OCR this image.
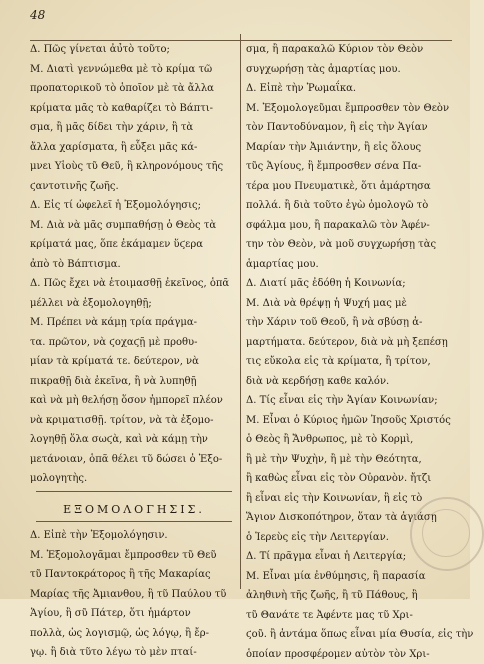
48
Δ. Πῶς γίνεται ἀυ̉τὸ τοῦτο;
Μ. Διατὶ γεννώμεθα μὲ τὸ κρίμα τῶ
προπατορικοῦ τὸ ὁποῖον μὲ τὰ ἄλλα
κρίματα μᾶς τὸ καθαρίζει τὸ Βάπτι-
σμα, ἢ μᾶς δίδει τὴν χάριν, ἢ τὰ
ἄλλα χαρίσματα, ἢ εὗξει μᾶς κά-
μνει Υἱοὺς τῦ Θεῦ, ἢ κληρονόμους τῆς
ϛαντοτινῆς ζωῆς.
Δ. Εἰς τί ὠφελεῖ ἡ Ἐξομολόγησις;
Μ. Διὰ νὰ μᾶς συμπαθήσῃ ὁ Θεὸς τὰ
κρίματά μας, ὅπε ἐκάμαμεν ὕϛερα
ἀπὸ τὸ Βάπτισμα.
Δ. Πῶς ἔχει νὰ ἑτοιμασθῇ ἐκεῖνος, ὁπᾶ
μέλλει νὰ ἐξομολογηθῇ;
Μ. Πρέπει νὰ κάμῃ τρία πράγμα-
τα. πρῶτον, νὰ ϛοχαϛῇ μὲ προθυ-
μίαν τὰ κρίματά τε. δεύτερον, νὰ
πικραθῇ διὰ ἐκεῖνα, ἢ νὰ λυπηθῇ
καὶ νὰ μὴ θελήσῃ ὅσον ἠμπορεῖ πλέον
νὰ κριματισθῇ. τρίτον, νὰ τὰ ἐξομο-
λογηθῇ ὅλα σωϛὰ, καὶ νὰ κάμῃ τὴν
μετάνοιαν, ὁπᾶ θέλει τῦ δώσει ὁ Ἐξο-
μολογητὴς.
ΕΞΟΜΟΛΟΓΗΣΙΣ.
Δ. Εἰπὲ τὴν Ἐξομολόγησιν.
Μ. Ἐξομολογᾶμαι ἔμπροσθεν τῦ Θεῦ
τῦ Παντοκράτορος ἢ τῆς Μακαρίας
Μαρίας τῆς Ἀμιανθου, ἢ τῦ Παύλου τῦ
Ἁγίου, ἢ σῦ Πάτερ, ὅτι ἡμάρτον
πολλὰ, ὡς λογισμῷ, ὡς λόγῳ, ἢ ἔρ-
γῳ. ἢ διὰ τῦτο λέγω τὸ μὲν πταί-
σμα, ἢ παρακαλῶ Κύριον τὸν Θεὸν
συγχωρήσῃ τὰς ἁμαρτίας μου.
Δ. Εἰπὲ τὴν Ῥωμαΐκα.
Μ. Ἐξομολογεῦμαι ἔμπροσθεν τὸν Θεὸν
τὸν Παντοδύναμον, ἢ εἰς τὴν Ἁγίαν
Μαρίαν τὴν Ἀμιάντην, ἢ εἰς ὅλους
τῦς Ἁγίους, ἢ ἔμπροσθεν σένα Πα-
τέρα μου Πνευματικὲ, ὅτι ἁμάρτησα
πολλά. ἢ διὰ τοῦτο ἐγὼ ὁμολογῶ τὸ
σφάλμα μου, ἢ παρακαλῶ τὸν Ἀφέν-
την τὸν Θεὸν, νὰ μοῦ συγχωρήσῃ τὰς
ἁμαρτίας μου.
Δ. Διατί μᾶς ἐδόθη ἡ Κοινωνία;
Μ. Διὰ νὰ θρέψῃ ἡ Ψυχή μας μὲ
τὴν Χάριν τοῦ Θεοῦ, ἢ νὰ σβύσῃ ἁ-
μαρτήματα. δεύτερον, διὰ νὰ μὴ ξεπέσῃ
τις εὔκολα εἰς τὰ κρίματα, ἢ τρίτον,
διὰ νὰ κερδήσῃ καθε καλόν.
Δ. Τίς εἶναι εἰς τὴν Ἁγίαν Κοινωνίαν;
Μ. Εἶναι ὁ Κύριος ἡμῶν Ἰησοῦς Χριστός
ὁ Θεὸς ἢ Ἄνθρωπος, μὲ τὸ Κορμὶ,
ἢ μὲ τὴν Ψυχὴν, ἢ μὲ τὴν Θεότητα,
ἢ καθὼς εἶναι εἰς τὸν Οὐρανὸν. ἤτζι
ἢ εἶναι εἰς τὴν Κοινωνίαν, ἢ εἰς τὸ
Ἅγιον Δισκοπότηρον, ὅταν τὰ ἁγιάσῃ
ὁ Ἱερεὺς εἰς τὴν Λειτεργίαν.
Δ. Τί πρᾶγμα εἶναι ἡ Λειτεργία;
Μ. Εἶναι μία ἐνθύμησις, ἢ παρασία
ἀληθινὴ τῆς ζωῆς, ἢ τῦ Πάθους, ἢ
τῦ Θανάτε τε Ἀφέντε μας τῦ Χρι-
ϛοῦ. ἢ ἀντάμα ὅπως εἶναι μία Θυσία, εἰς τὴν
ὁποίαν προσφέρομεν αὐτὸν τὸν Χρι-
